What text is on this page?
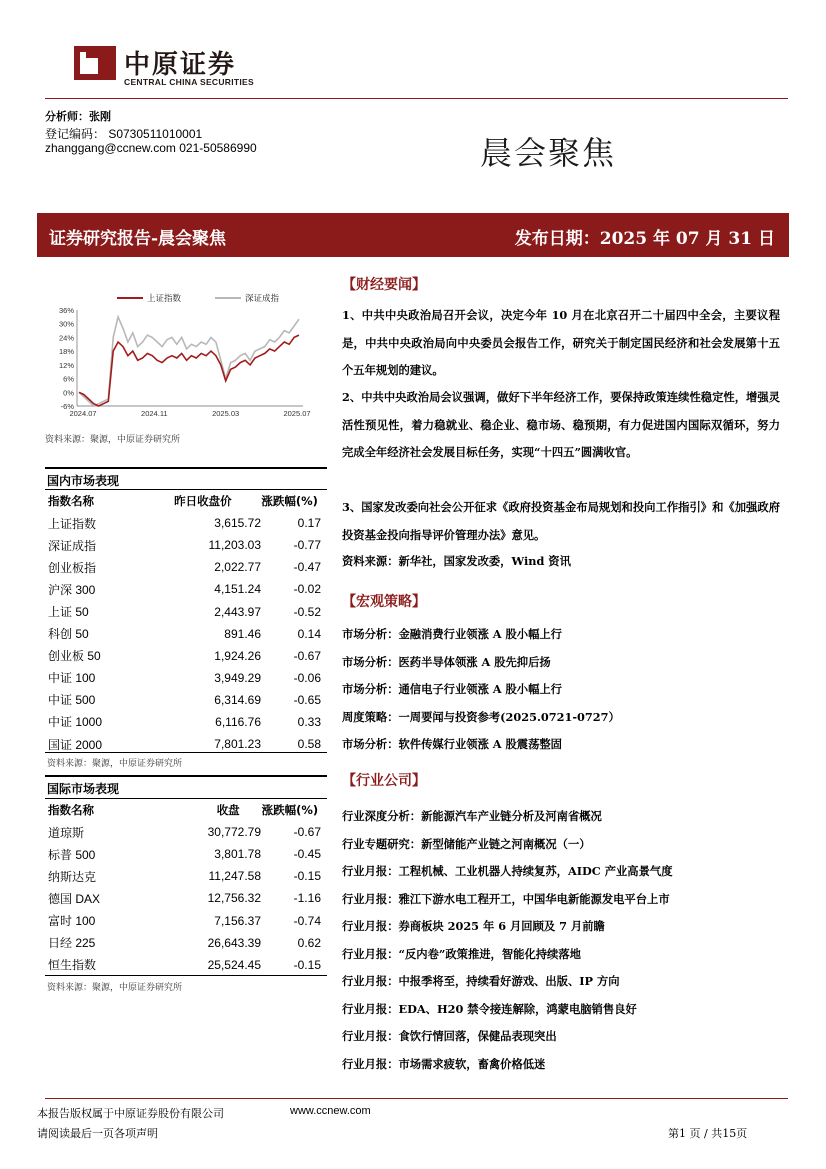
中原证券
CENTRAL CHINA SECURITIES
分析师：张刚
登记编码： S0730511010001
zhanggang@ccnew.com 021-50586990	晨会聚焦
证券研究报告-晨会聚焦	发布日期：2025 年 07 月 31 日
36%
30%
24%
18%
12%
6%
0%
-6%
2024.07	2024.11	2025.03	2025.07
上证指数	深证成指
资料来源：聚源，中原证券研究所
国内市场表现
指数名称	昨日收盘价	涨跌幅(%)
上证指数	3,615.72	0.17
深证成指	11,203.03	-0.77
创业板指	2,022.77	-0.47
沪深 300	4,151.24	-0.02
上证 50	2,443.97	-0.52
科创 50	891.46	0.14
创业板 50	1,924.26	-0.67
中证 100	3,949.29	-0.06
中证 500	6,314.69	-0.65
中证 1000	6,116.76	0.33
国证 2000	7,801.23	0.58
资料来源：聚源，中原证券研究所
国际市场表现
指数名称	收盘	涨跌幅(%)
道琼斯	30,772.79	-0.67
标普 500	3,801.78	-0.45
纳斯达克	11,247.58	-0.15
德国 DAX	12,756.32	-1.16
富时 100	7,156.37	-0.74
日经 225	26,643.39	0.62
恒生指数	25,524.45	-0.15
资料来源：聚源，中原证券研究所
【财经要闻】
1、中共中央政治局召开会议，决定今年 10 月在北京召开二十届四中全会，主要议程是，中共中央政治局向中央委员会报告工作，研究关于制定国民经济和社会发展第十五个五年规划的建议。
2、中共中央政治局会议强调，做好下半年经济工作，要保持政策连续性稳定性，增强灵活性预见性，着力稳就业、稳企业、稳市场、稳预期，有力促进国内国际双循环，努力完成全年经济社会发展目标任务，实现“十四五”圆满收官。
3、国家发改委向社会公开征求《政府投资基金布局规划和投向工作指引》和《加强政府投资基金投向指导评价管理办法》意见。
资料来源：新华社，国家发改委，Wind 资讯
【宏观策略】
市场分析：金融消费行业领涨 A 股小幅上行
市场分析：医药半导体领涨 A 股先抑后扬
市场分析：通信电子行业领涨 A 股小幅上行
周度策略：一周要闻与投资参考(2025.0721-0727）
市场分析：软件传媒行业领涨 A 股震荡整固
【行业公司】
行业深度分析：新能源汽车产业链分析及河南省概况
行业专题研究：新型储能产业链之河南概况（一）
行业月报：工程机械、工业机器人持续复苏，AIDC 产业高景气度
行业月报：雅江下游水电工程开工，中国华电新能源发电平台上市
行业月报：券商板块 2025 年 6 月回顾及 7 月前瞻
行业月报：“反内卷”政策推进，智能化持续落地
行业月报：中报季将至，持续看好游戏、出版、IP 方向
行业月报：EDA、H20 禁令接连解除，鸿蒙电脑销售良好
行业月报：食饮行情回落，保健品表现突出
行业月报：市场需求疲软，畜禽价格低迷
本报告版权属于中原证券股份有限公司	www.ccnew.com
请阅读最后一页各项声明	第1 页 / 共15页
